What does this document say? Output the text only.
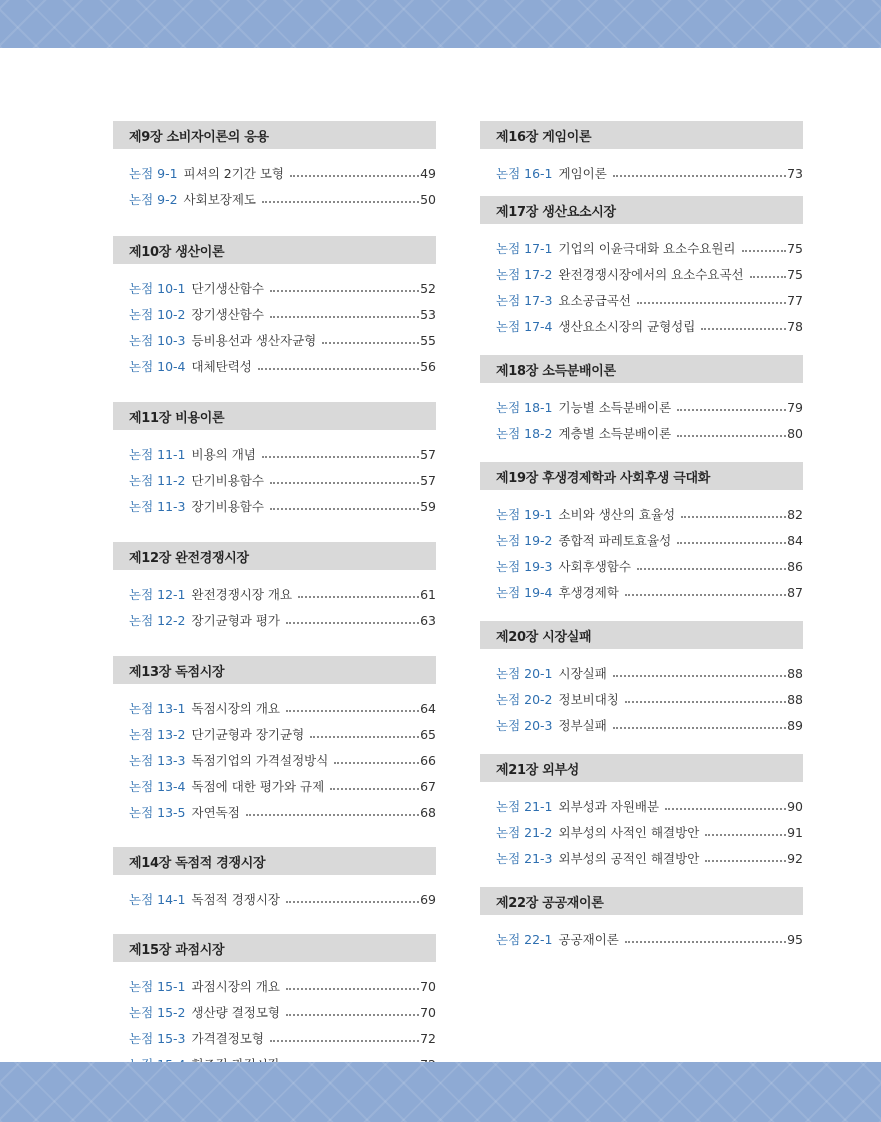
제9장 소비자이론의 응용
논점 9-1 피셔의 2기간 모형	49
논점 9-2 사회보장제도	50
제10장 생산이론
논점 10-1 단기생산함수	52
논점 10-2 장기생산함수	53
논점 10-3 등비용선과 생산자균형	55
논점 10-4 대체탄력성	56
제11장 비용이론
논점 11-1 비용의 개념	57
논점 11-2 단기비용함수	57
논점 11-3 장기비용함수	59
제12장 완전경쟁시장
논점 12-1 완전경쟁시장 개요	61
논점 12-2 장기균형과 평가	63
제13장 독점시장
논점 13-1 독점시장의 개요	64
논점 13-2 단기균형과 장기균형	65
논점 13-3 독점기업의 가격설정방식	66
논점 13-4 독점에 대한 평가와 규제	67
논점 13-5 자연독점	68
제14장 독점적 경쟁시장
논점 14-1 독점적 경쟁시장	69
제15장 과점시장
논점 15-1 과점시장의 개요	70
논점 15-2 생산량 결정모형	70
논점 15-3 가격결정모형	72
제16장 게임이론
논점 16-1 게임이론	73
제17장 생산요소시장
논점 17-1 기업의 이윤극대화 요소수요원리	75
논점 17-2 완전경쟁시장에서의 요소수요곡선	75
논점 17-3 요소공급곡선	77
논점 17-4 생산요소시장의 균형성립	78
제18장 소득분배이론
논점 18-1 기능별 소득분배이론	79
논점 18-2 계층별 소득분배이론	80
제19장 후생경제학과 사회후생 극대화
논점 19-1 소비와 생산의 효율성	82
논점 19-2 종합적 파레토효율성	84
논점 19-3 사회후생함수	86
논점 19-4 후생경제학	87
제20장 시장실패
논점 20-1 시장실패	88
논점 20-2 정보비대칭	88
논점 20-3 정부실패	89
제21장 외부성
논점 21-1 외부성과 자원배분	90
논점 21-2 외부성의 사적인 해결방안	91
논점 21-3 외부성의 공적인 해결방안	92
제22장 공공재이론
논점 22-1 공공재이론	95
